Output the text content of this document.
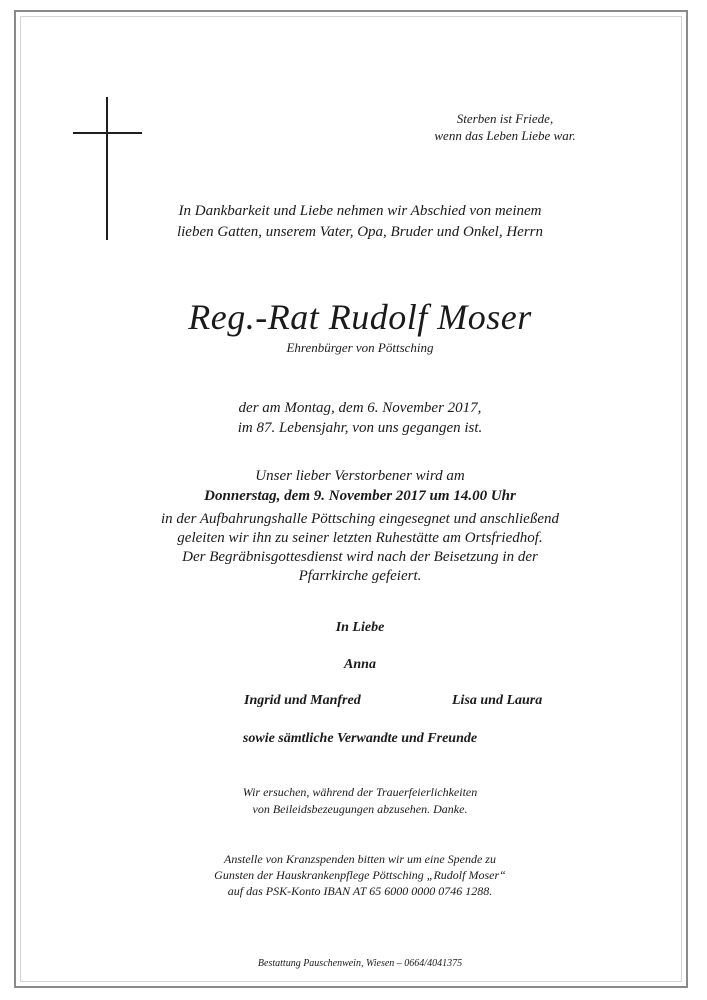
Sterben ist Friede,
wenn das Leben Liebe war.
In Dankbarkeit und Liebe nehmen wir Abschied von meinem
lieben Gatten, unserem Vater, Opa, Bruder und Onkel, Herrn
Reg.-Rat Rudolf Moser
Ehrenbürger von Pöttsching
der am Montag, dem 6. November 2017,
im 87. Lebensjahr, von uns gegangen ist.
Unser lieber Verstorbener wird am
Donnerstag, dem 9. November 2017 um 14.00 Uhr
in der Aufbahrungshalle Pöttsching eingesegnet und anschließend
geleiten wir ihn zu seiner letzten Ruhestätte am Ortsfriedhof.
Der Begräbnisgottesdienst wird nach der Beisetzung in der
Pfarrkirche gefeiert.
In Liebe
Anna
Ingrid und Manfred	Lisa und Laura
sowie sämtliche Verwandte und Freunde
Wir ersuchen, während der Trauerfeierlichkeiten
von Beileidsbezeugungen abzusehen. Danke.
Anstelle von Kranzspenden bitten wir um eine Spende zu
Gunsten der Hauskrankenpflege Pöttsching „Rudolf Moser“
auf das PSK-Konto IBAN AT 65 6000 0000 0746 1288.
Bestattung Pauschenwein, Wiesen – 0664/4041375
